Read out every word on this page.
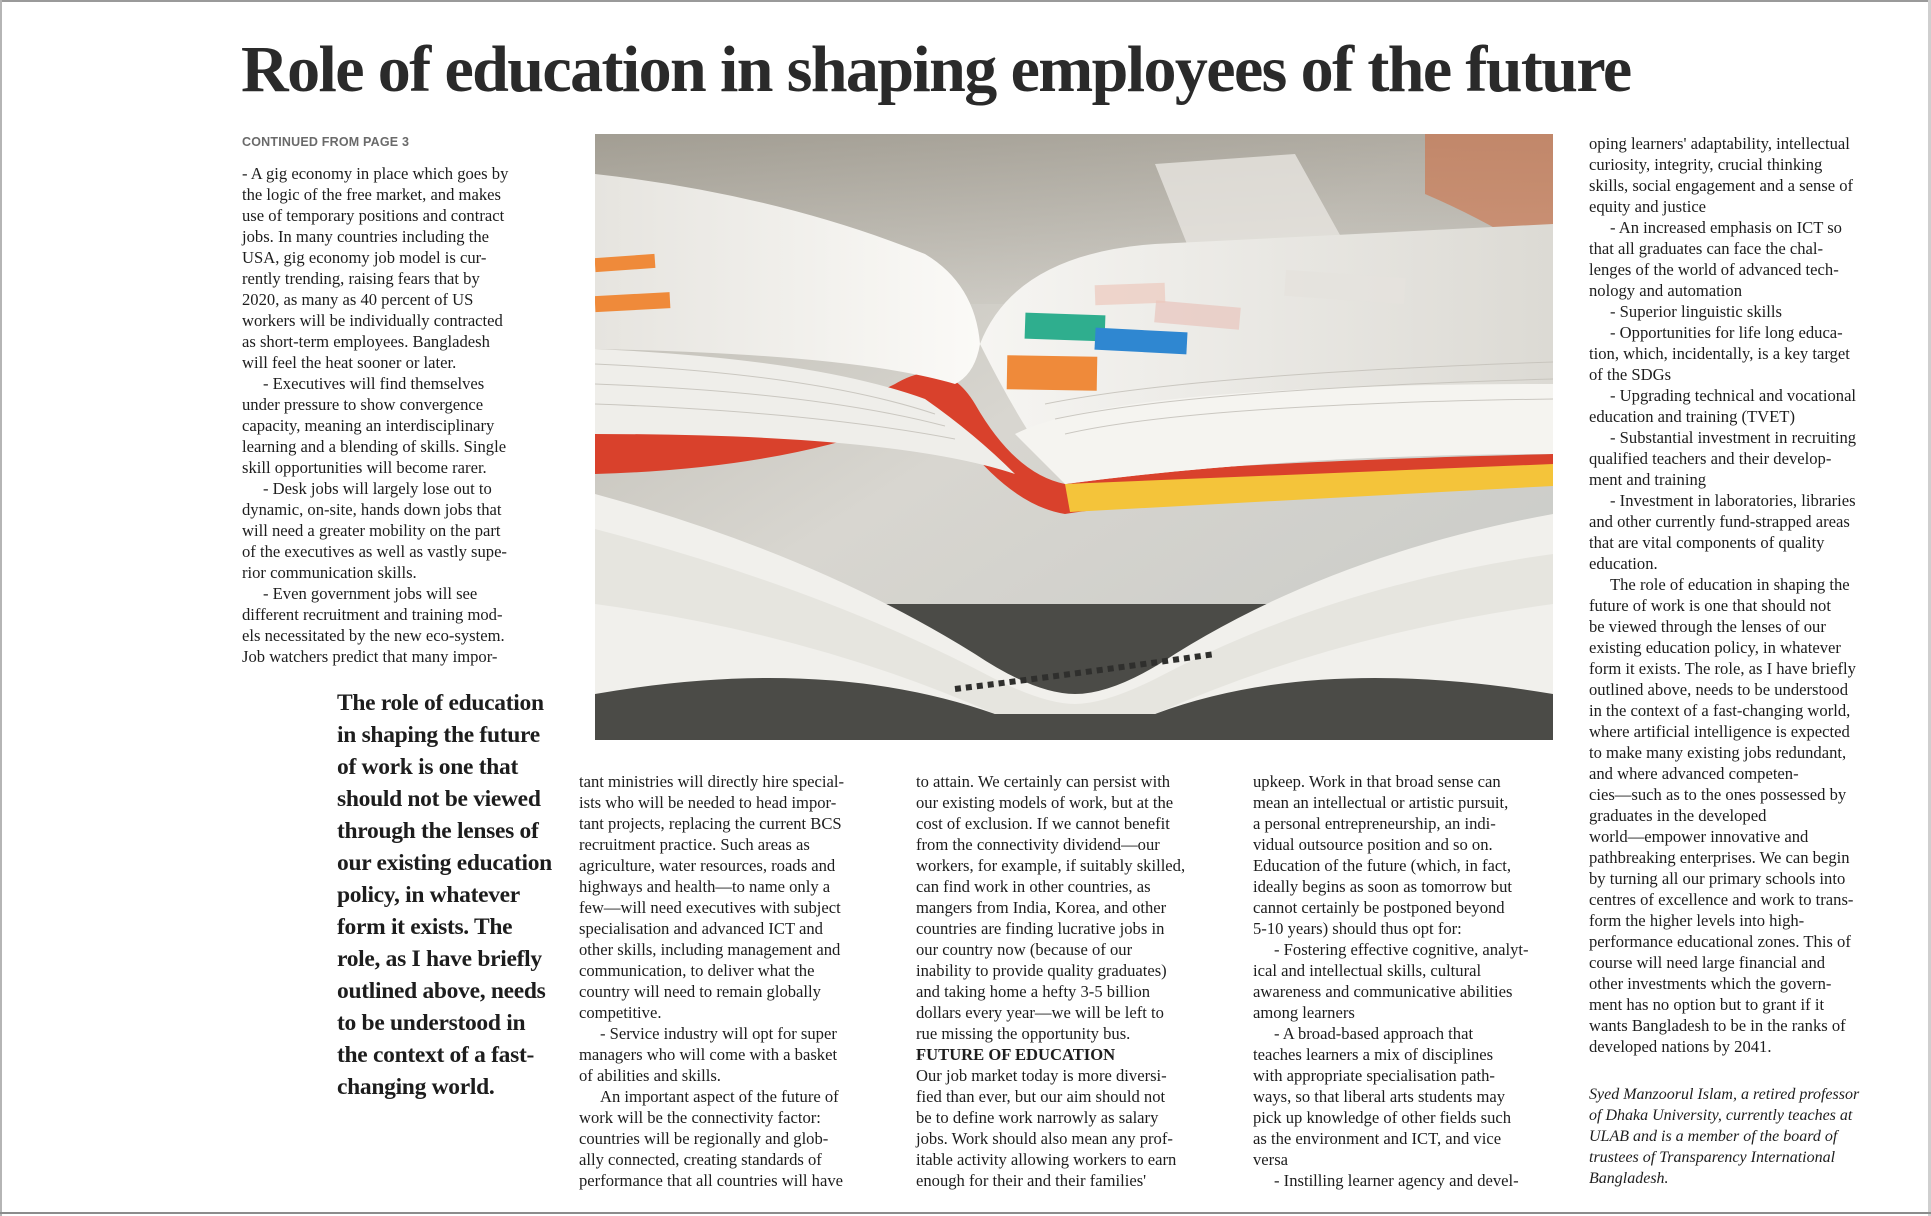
Role of education in shaping employees of the future
CONTINUED FROM PAGE 3
The role of education
in shaping the future
of work is one that
should not be viewed
through the lenses of
our existing education
policy, in whatever
form it exists. The
role, as I have briefly
outlined above, needs
to be understood in
the context of a fast-
changing world.
- A gig economy in place which goes by
the logic of the free market, and makes
use of temporary positions and contract
jobs. In many countries including the
USA, gig economy job model is cur-
rently trending, raising fears that by
2020, as many as 40 percent of US
workers will be individually contracted
as short-term employees. Bangladesh
will feel the heat sooner or later.
- Executives will find themselves
under pressure to show convergence
capacity, meaning an interdisciplinary
learning and a blending of skills. Single
skill opportunities will become rarer.
- Desk jobs will largely lose out to
dynamic, on-site, hands down jobs that
will need a greater mobility on the part
of the executives as well as vastly supe-
rior communication skills.
- Even government jobs will see
different recruitment and training mod-
els necessitated by the new eco-system.
Job watchers predict that many impor-
tant ministries will directly hire special-
ists who will be needed to head impor-
tant projects, replacing the current BCS
recruitment practice. Such areas as
agriculture, water resources, roads and
highways and health—to name only a
few—will need executives with subject
specialisation and advanced ICT and
other skills, including management and
communication, to deliver what the
country will need to remain globally
competitive.
- Service industry will opt for super
managers who will come with a basket
of abilities and skills.
An important aspect of the future of
work will be the connectivity factor:
countries will be regionally and glob-
ally connected, creating standards of
performance that all countries will have
to attain. We certainly can persist with
our existing models of work, but at the
cost of exclusion. If we cannot benefit
from the connectivity dividend—our
workers, for example, if suitably skilled,
can find work in other countries, as
mangers from India, Korea, and other
countries are finding lucrative jobs in
our country now (because of our
inability to provide quality graduates)
and taking home a hefty 3-5 billion
dollars every year—we will be left to
rue missing the opportunity bus.
FUTURE OF EDUCATION
Our job market today is more diversi-
fied than ever, but our aim should not
be to define work narrowly as salary
jobs. Work should also mean any prof-
itable activity allowing workers to earn
enough for their and their families'
upkeep. Work in that broad sense can
mean an intellectual or artistic pursuit,
a personal entrepreneurship, an indi-
vidual outsource position and so on.
Education of the future (which, in fact,
ideally begins as soon as tomorrow but
cannot certainly be postponed beyond
5-10 years) should thus opt for:
- Fostering effective cognitive, analyt-
ical and intellectual skills, cultural
awareness and communicative abilities
among learners
- A broad-based approach that
teaches learners a mix of disciplines
with appropriate specialisation path-
ways, so that liberal arts students may
pick up knowledge of other fields such
as the environment and ICT, and vice
versa
- Instilling learner agency and devel-
oping learners' adaptability, intellectual
curiosity, integrity, crucial thinking
skills, social engagement and a sense of
equity and justice
- An increased emphasis on ICT so
that all graduates can face the chal-
lenges of the world of advanced tech-
nology and automation
- Superior linguistic skills
- Opportunities for life long educa-
tion, which, incidentally, is a key target
of the SDGs
- Upgrading technical and vocational
education and training (TVET)
- Substantial investment in recruiting
qualified teachers and their develop-
ment and training
- Investment in laboratories, libraries
and other currently fund-strapped areas
that are vital components of quality
education.
The role of education in shaping the
future of work is one that should not
be viewed through the lenses of our
existing education policy, in whatever
form it exists. The role, as I have briefly
outlined above, needs to be understood
in the context of a fast-changing world,
where artificial intelligence is expected
to make many existing jobs redundant,
and where advanced competen-
cies—such as to the ones possessed by
graduates in the developed
world—empower innovative and
pathbreaking enterprises. We can begin
by turning all our primary schools into
centres of excellence and work to trans-
form the higher levels into high-
performance educational zones. This of
course will need large financial and
other investments which the govern-
ment has no option but to grant if it
wants Bangladesh to be in the ranks of
developed nations by 2041.
Syed Manzoorul Islam, a retired professor
of Dhaka University, currently teaches at
ULAB and is a member of the board of
trustees of Transparency International
Bangladesh.
